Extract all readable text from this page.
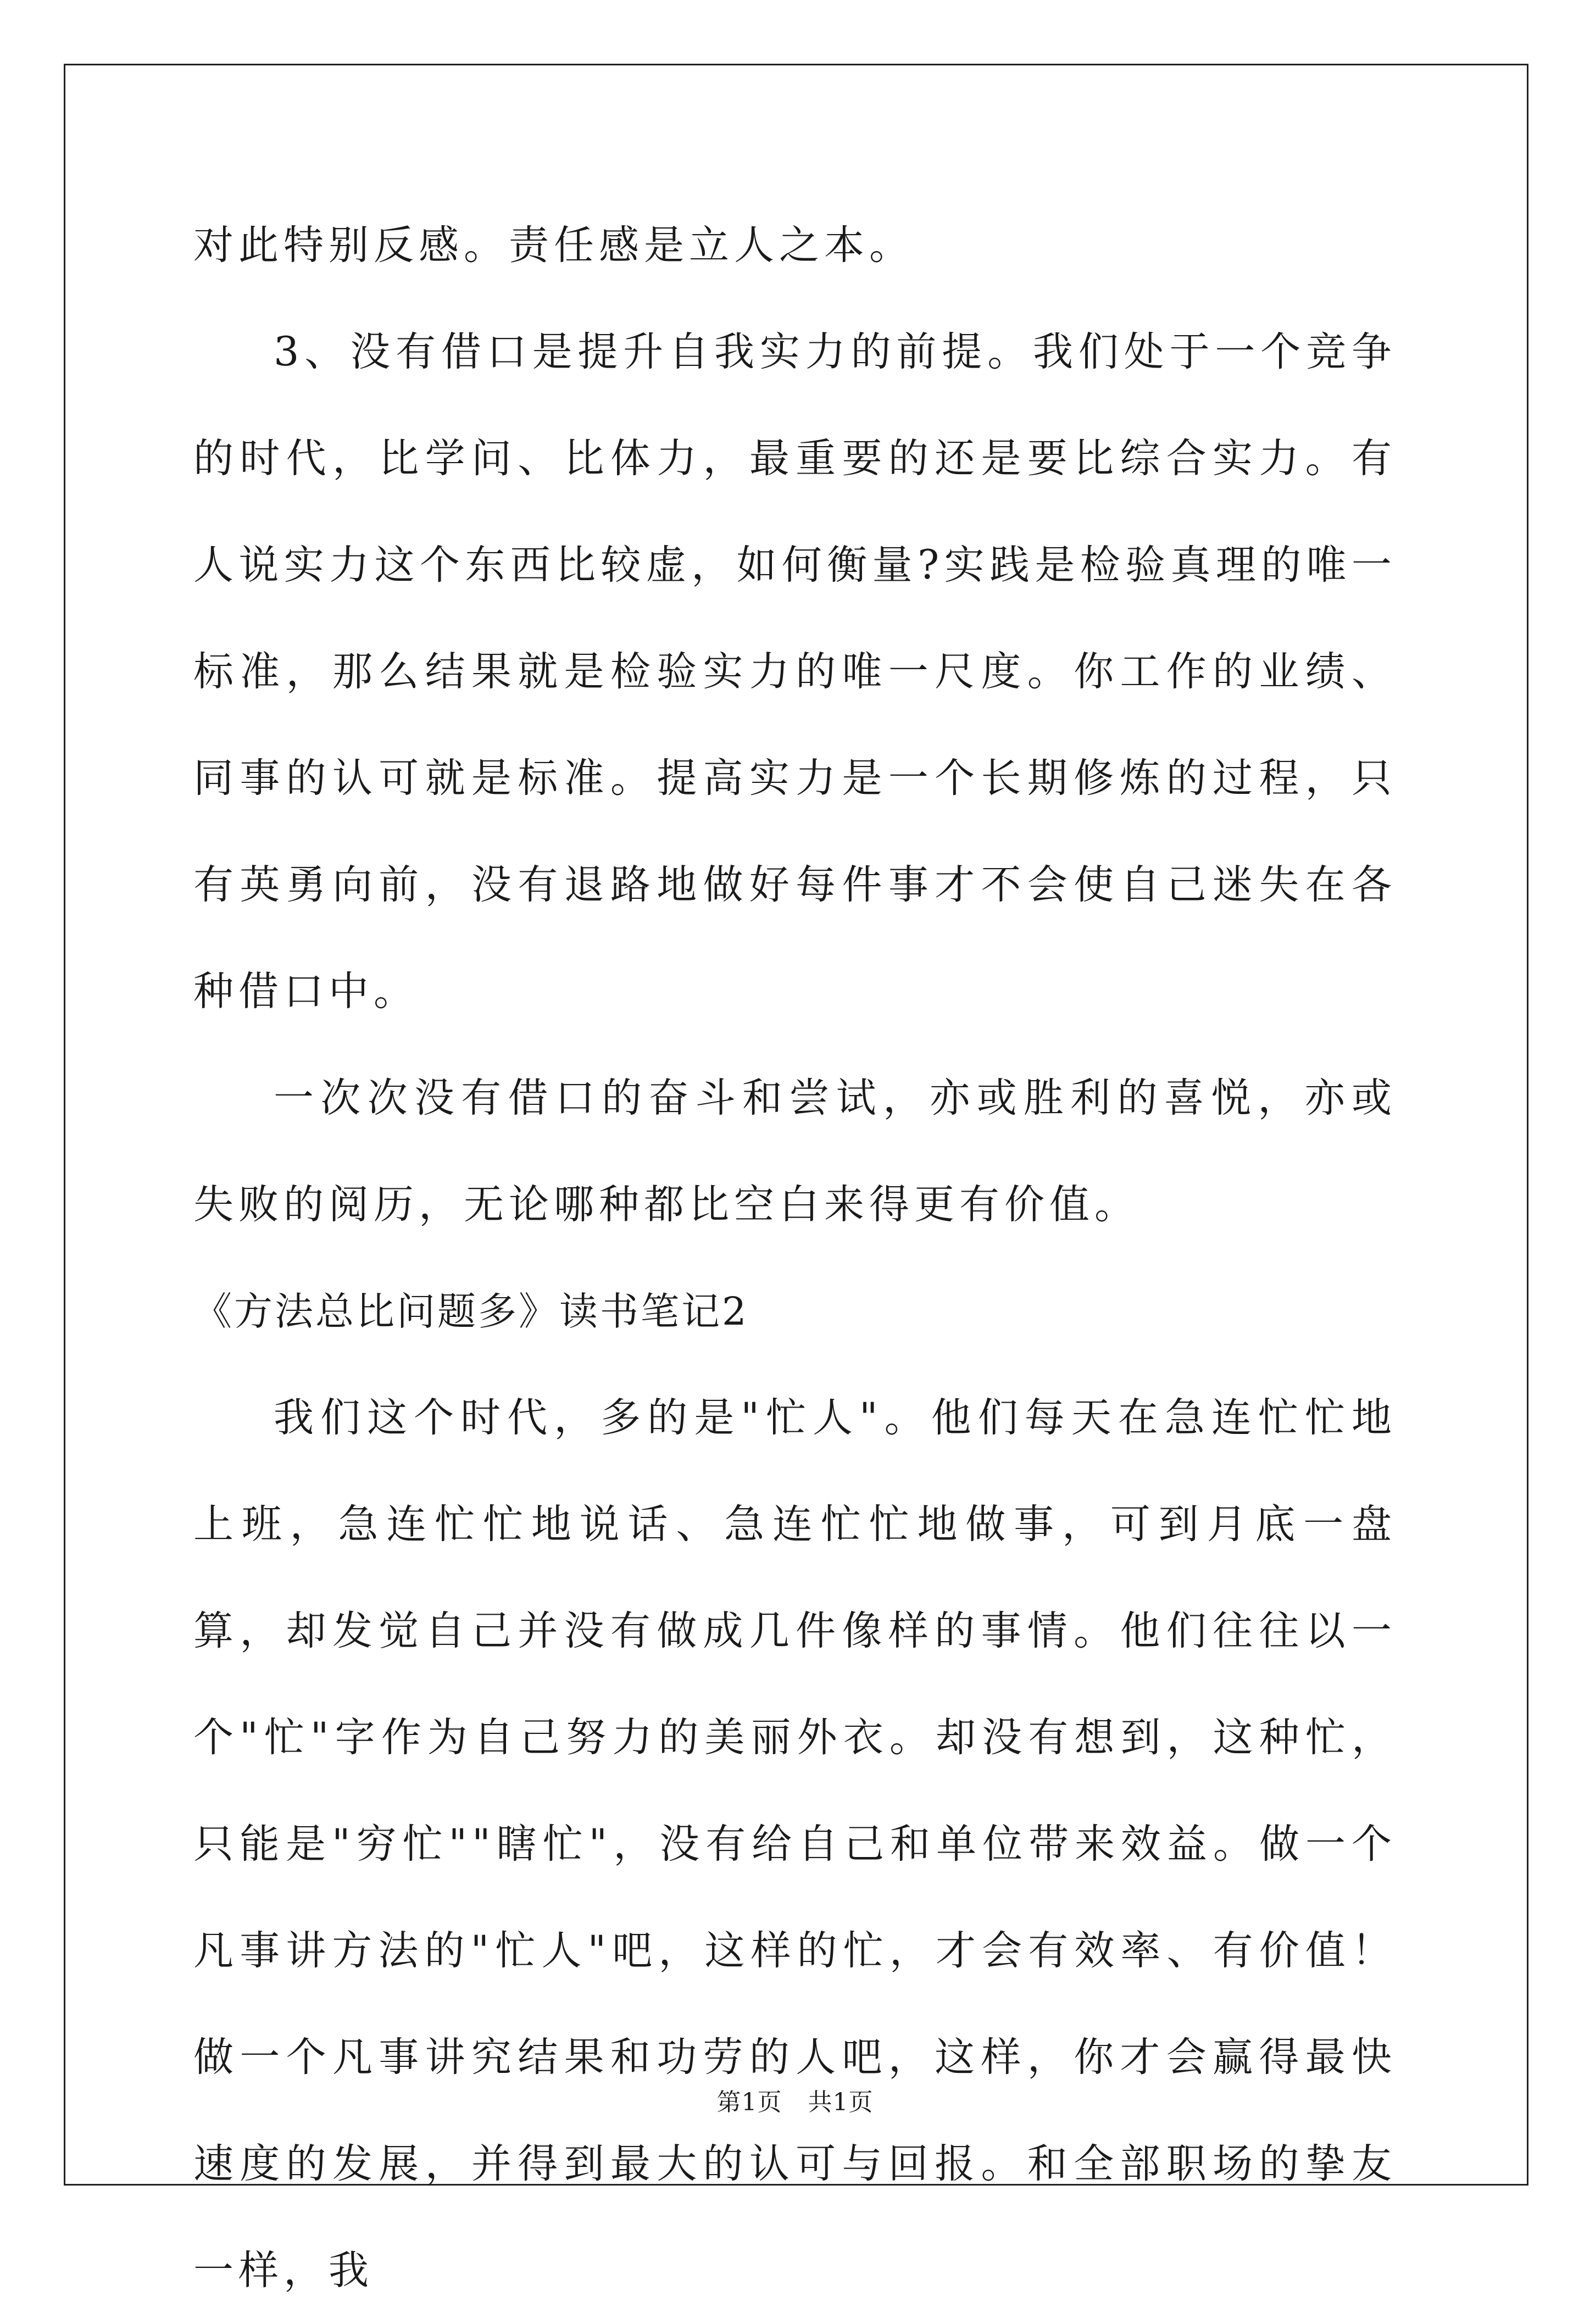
对此特别反感。责任感是立人之本。

3、没有借口是提升自我实力的前提。我们处于一个竞争的时代，比学问、比体力，最重要的还是要比综合实力。有人说实力这个东西比较虚，如何衡量?实践是检验真理的唯一标准，那么结果就是检验实力的唯一尺度。你工作的业绩、同事的认可就是标准。提高实力是一个长期修炼的过程，只有英勇向前，没有退路地做好每件事才不会使自己迷失在各种借口中。

一次次没有借口的奋斗和尝试，亦或胜利的喜悦，亦或失败的阅历，无论哪种都比空白来得更有价值。

《方法总比问题多》读书笔记2

我们这个时代，多的是"忙人"。他们每天在急连忙忙地上班，急连忙忙地说话、急连忙忙地做事，可到月底一盘算，却发觉自己并没有做成几件像样的事情。他们往往以一个"忙"字作为自己努力的美丽外衣。却没有想到，这种忙，只能是"穷忙""瞎忙"，没有给自己和单位带来效益。做一个凡事讲方法的"忙人"吧，这样的忙，才会有效率、有价值！做一个凡事讲究结果和功劳的人吧，这样，你才会赢得最快速度的发展，并得到最大的认可与回报。和全部职场的挚友一样，我

第1页 共1页
